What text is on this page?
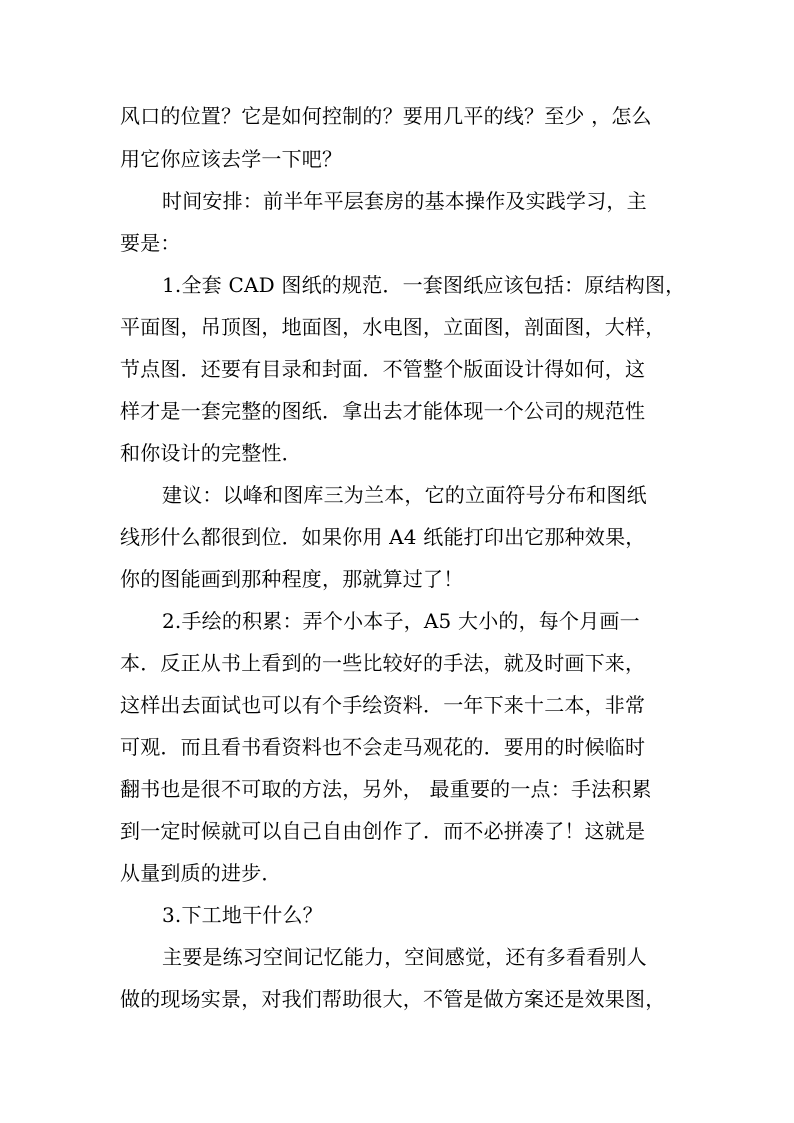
风口的位置？它是如何控制的？要用几平的线？至少 ，怎么
用它你应该去学一下吧？
时间安排：前半年平层套房的基本操作及实践学习，主
要是：
1.全套 CAD 图纸的规范．一套图纸应该包括：原结构图，
平面图，吊顶图，地面图，水电图，立面图，剖面图，大样，
节点图．还要有目录和封面．不管整个版面设计得如何，这
样才是一套完整的图纸．拿出去才能体现一个公司的规范性
和你设计的完整性．
建议：以峰和图库三为兰本，它的立面符号分布和图纸
线形什么都很到位．如果你用 A4 纸能打印出它那种效果，
你的图能画到那种程度，那就算过了！
2.手绘的积累：弄个小本子，A5 大小的，每个月画一
本．反正从书上看到的一些比较好的手法，就及时画下来，
这样出去面试也可以有个手绘资料．一年下来十二本，非常
可观．而且看书看资料也不会走马观花的．要用的时候临时
翻书也是很不可取的方法，另外， 最重要的一点：手法积累
到一定时候就可以自己自由创作了．而不必拼凑了！这就是
从量到质的进步．
3.下工地干什么？
主要是练习空间记忆能力，空间感觉，还有多看看别人
做的现场实景，对我们帮助很大，不管是做方案还是效果图，
